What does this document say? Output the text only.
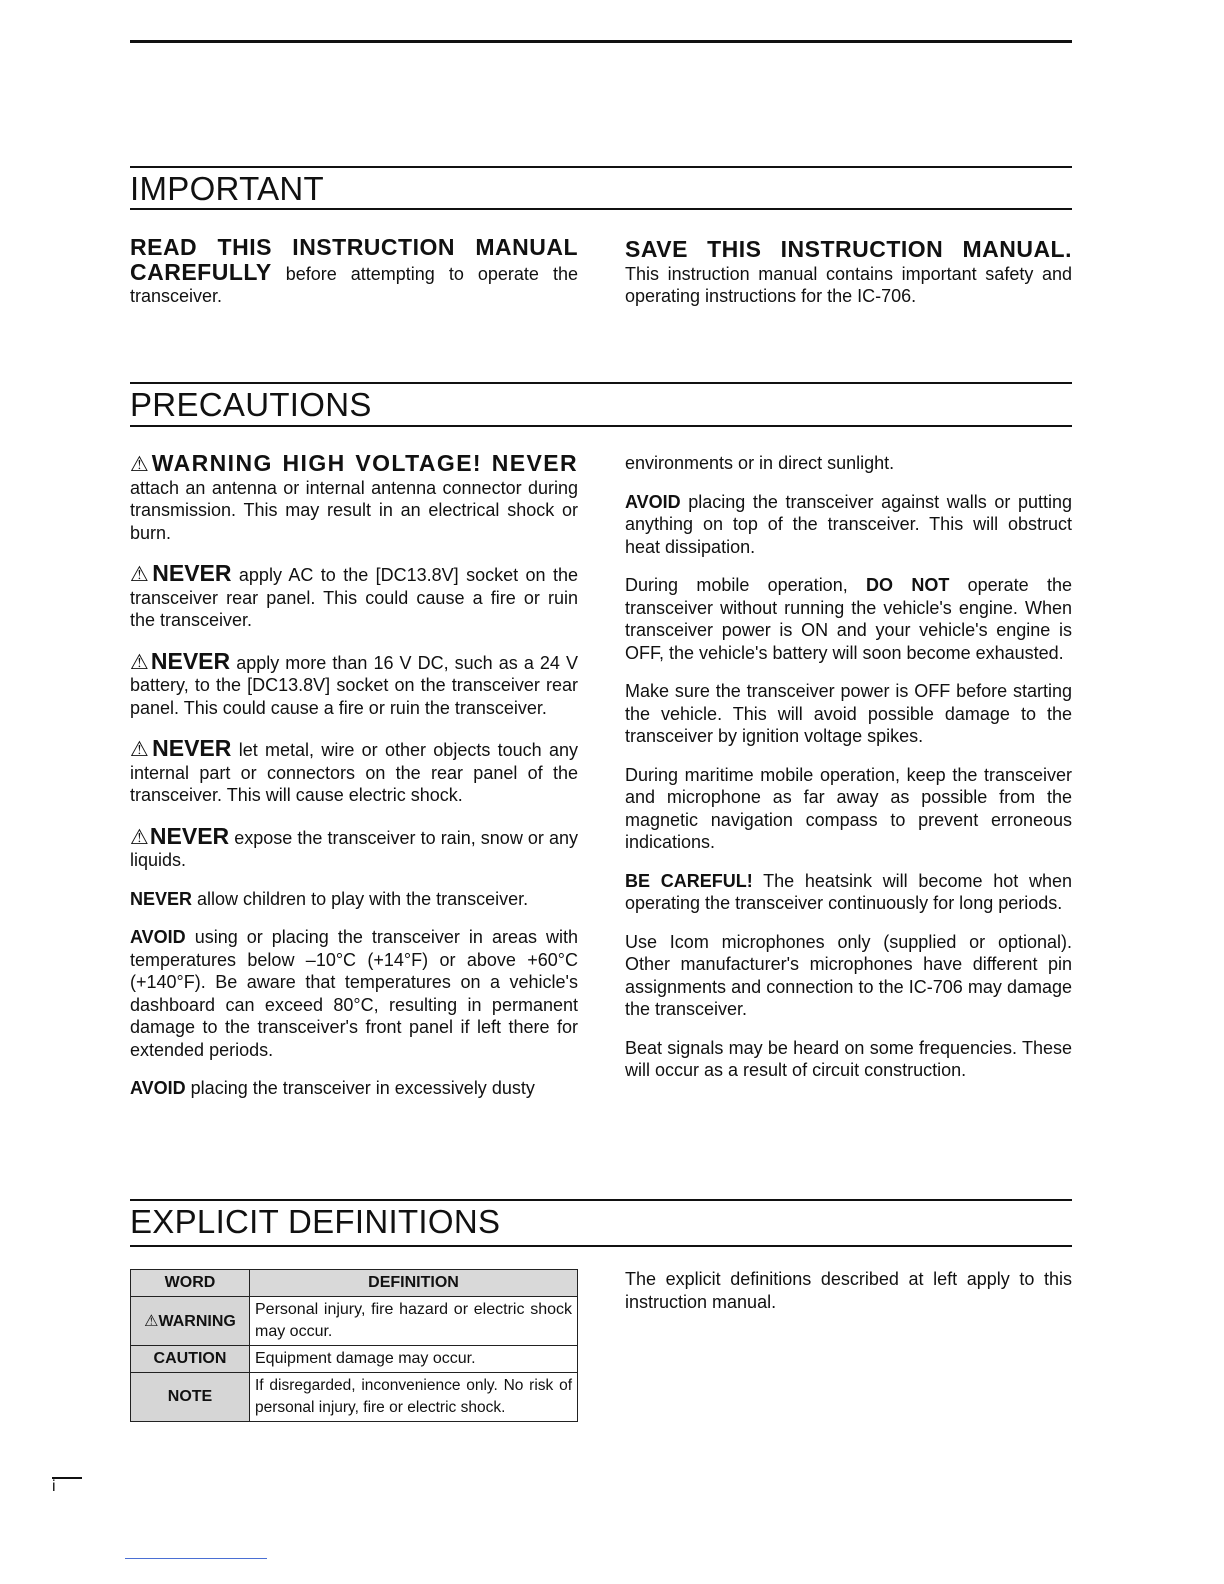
IMPORTANT

READ THIS INSTRUCTION MANUAL CAREFULLY before attempting to operate the transceiver.

SAVE THIS INSTRUCTION MANUAL. This instruction manual contains important safety and operating instructions for the IC-706.

PRECAUTIONS

⚠WARNING HIGH VOLTAGE! NEVER attach an antenna or internal antenna connector during transmission. This may result in an electrical shock or burn.

⚠NEVER apply AC to the [DC13.8V] socket on the transceiver rear panel. This could cause a fire or ruin the transceiver.

⚠NEVER apply more than 16 V DC, such as a 24 V battery, to the [DC13.8V] socket on the transceiver rear panel. This could cause a fire or ruin the transceiver.

⚠NEVER let metal, wire or other objects touch any internal part or connectors on the rear panel of the transceiver. This will cause electric shock.

⚠NEVER expose the transceiver to rain, snow or any liquids.

NEVER allow children to play with the transceiver.

AVOID using or placing the transceiver in areas with temperatures below –10°C (+14°F) or above +60°C (+140°F). Be aware that temperatures on a vehicle's dashboard can exceed 80°C, resulting in permanent damage to the transceiver's front panel if left there for extended periods.

AVOID placing the transceiver in excessively dusty

environments or in direct sunlight.

AVOID placing the transceiver against walls or putting anything on top of the transceiver. This will obstruct heat dissipation.

During mobile operation, DO NOT operate the transceiver without running the vehicle's engine. When transceiver power is ON and your vehicle's engine is OFF, the vehicle's battery will soon become exhausted.

Make sure the transceiver power is OFF before starting the vehicle. This will avoid possible damage to the transceiver by ignition voltage spikes.

During maritime mobile operation, keep the transceiver and microphone as far away as possible from the magnetic navigation compass to prevent erroneous indications.

BE CAREFUL! The heatsink will become hot when operating the transceiver continuously for long periods.

Use Icom microphones only (supplied or optional). Other manufacturer's microphones have different pin assignments and connection to the IC-706 may damage the transceiver.

Beat signals may be heard on some frequencies. These will occur as a result of circuit construction.

EXPLICIT DEFINITIONS
WORD	DEFINITION
⚠WARNING	Personal injury, fire hazard or electric shock may occur.
CAUTION	Equipment damage may occur.
NOTE	If disregarded, inconvenience only. No risk of personal injury, fire or electric shock.

The explicit definitions described at left apply to this instruction manual.

i
